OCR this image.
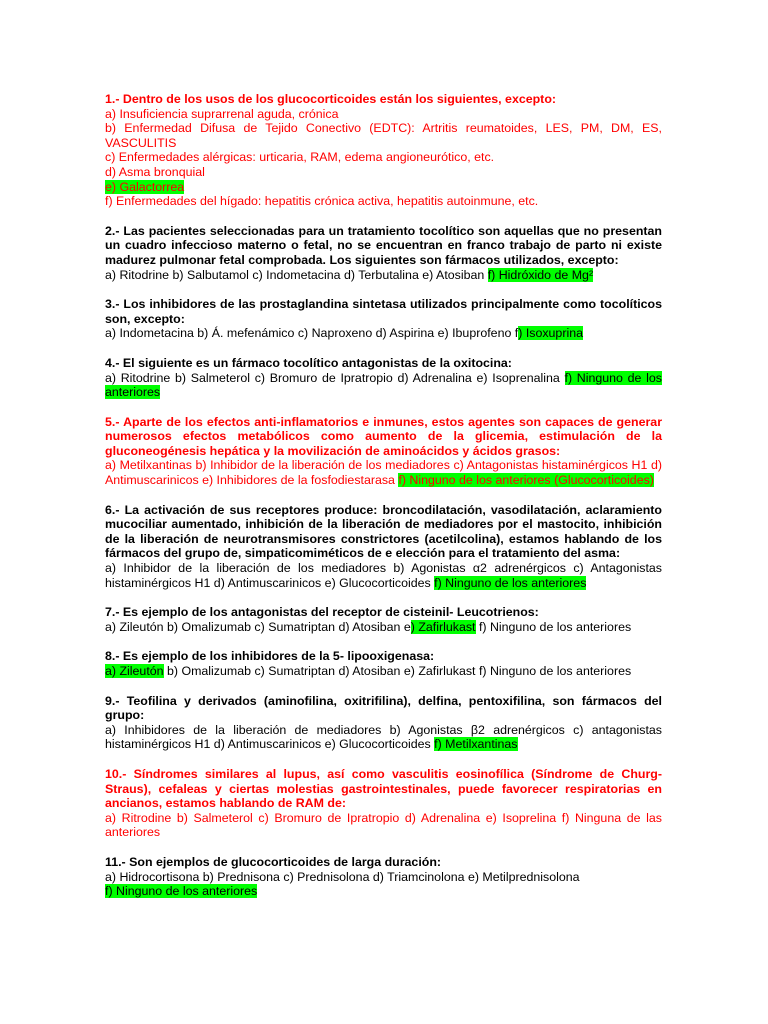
1.- Dentro de los usos de los glucocorticoides están los siguientes, excepto:
a) Insuficiencia suprarrenal aguda, crónica
b) Enfermedad Difusa de Tejido Conectivo (EDTC): Artritis reumatoides, LES, PM, DM, ES, VASCULITIS
c) Enfermedades alérgicas: urticaria, RAM, edema angioneurótico, etc.
d) Asma bronquial
e) Galactorrea
f) Enfermedades del hígado: hepatitis crónica activa, hepatitis autoinmune, etc.
2.- Las pacientes seleccionadas para un tratamiento tocolítico son aquellas que no presentan un cuadro infeccioso materno o fetal, no se encuentran en franco trabajo de parto ni existe madurez pulmonar fetal comprobada. Los siguientes son fármacos utilizados, excepto:
a) Ritodrine b) Salbutamol c) Indometacina d) Terbutalina e) Atosiban f) Hidróxido de Mg²
3.- Los inhibidores de las prostaglandina sintetasa utilizados principalmente como tocolíticos son, excepto:
a) Indometacina b) Á. mefenámico c) Naproxeno d) Aspirina e) Ibuprofeno f) Isoxuprina
4.- El siguiente es un fármaco tocolítico antagonistas de la oxitocina:
a) Ritodrine b) Salmeterol c) Bromuro de Ipratropio d) Adrenalina e) Isoprenalina f) Ninguno de los anteriores
5.- Aparte de los efectos anti-inflamatorios e inmunes, estos agentes son capaces de generar numerosos efectos metabólicos como aumento de la glicemia, estimulación de la gluconeogénesis hepática y la movilización de aminoácidos y ácidos grasos:
a) Metilxantinas b) Inhibidor de la liberación de los mediadores c) Antagonistas histaminérgicos H1 d) Antimuscarinicos e) Inhibidores de la fosfodiestarasa f) Ninguno de los anteriores (Glucocorticoides)
6.- La activación de sus receptores produce: broncodilatación, vasodilatación, aclaramiento mucociliar aumentado, inhibición de la liberación de mediadores por el mastocito, inhibición de la liberación de neurotransmisores constrictores (acetilcolina), estamos hablando de los fármacos del grupo de, simpaticomiméticos de e elección para el tratamiento del asma:
a) Inhibidor de la liberación de los mediadores b) Agonistas α2 adrenérgicos c) Antagonistas histaminérgicos H1 d) Antimuscarinicos e) Glucocorticoides f) Ninguno de los anteriores
7.- Es ejemplo de los antagonistas del receptor de cisteinil- Leucotrienos:
a) Zileutón b) Omalizumab c) Sumatriptan d) Atosiban e) Zafirlukast f) Ninguno de los anteriores
8.- Es ejemplo de los inhibidores de la 5- lipooxigenasa:
a) Zileutón b) Omalizumab c) Sumatriptan d) Atosiban e) Zafirlukast f) Ninguno de los anteriores
9.- Teofilina y derivados (aminofilina, oxitrifilina), delfina, pentoxifilina, son fármacos del grupo:
a) Inhibidores de la liberación de mediadores b) Agonistas β2 adrenérgicos c) antagonistas histaminérgicos H1 d) Antimuscarinicos e) Glucocorticoides f) Metilxantinas
10.- Síndromes similares al lupus, así como vasculitis eosinofílica (Síndrome de Churg-Straus), cefaleas y ciertas molestias gastrointestinales, puede favorecer respiratorias en ancianos, estamos hablando de RAM de:
a) Ritrodine b) Salmeterol c) Bromuro de Ipratropio d) Adrenalina e) Isoprelina f) Ninguna de las anteriores
11.- Son ejemplos de glucocorticoides de larga duración:
a) Hidrocortisona b) Prednisona c) Prednisolona d) Triamcinolona e) Metilprednisolona
f) Ninguno de los anteriores
